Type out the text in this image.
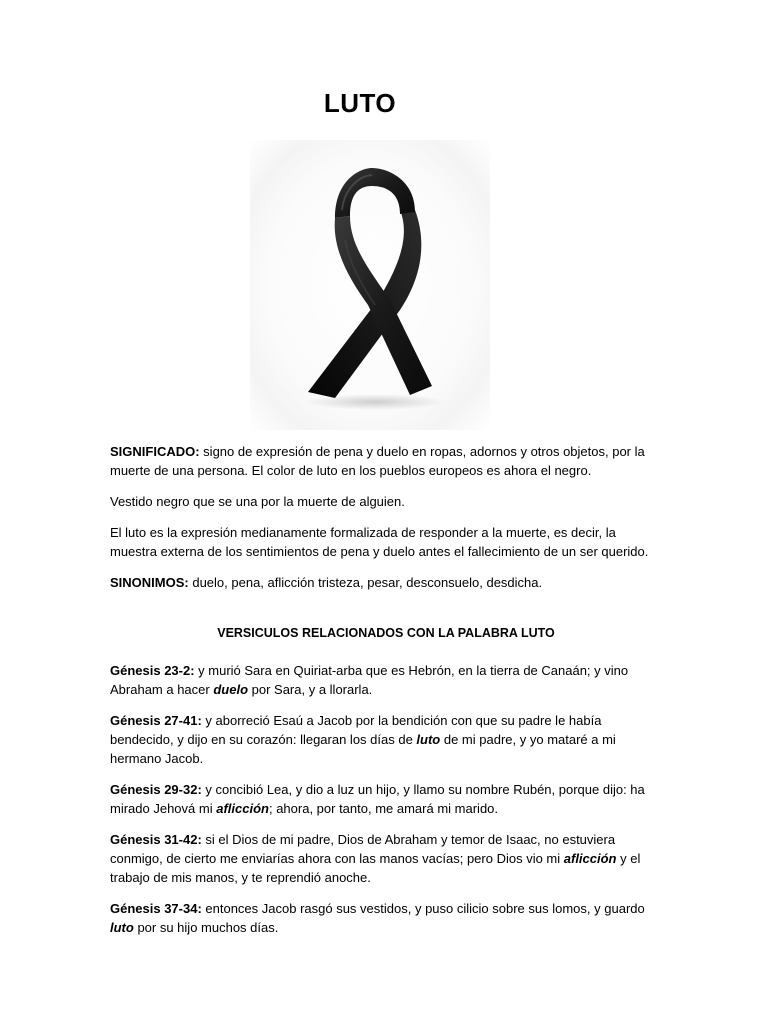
LUTO

SIGNIFICADO: signo de expresión de pena y duelo en ropas, adornos y otros objetos, por la muerte de una persona. El color de luto en los pueblos europeos es ahora el negro.

Vestido negro que se una por la muerte de alguien.

El luto es la expresión medianamente formalizada de responder a la muerte, es decir, la muestra externa de los sentimientos de pena y duelo antes el fallecimiento de un ser querido.

SINONIMOS: duelo, pena, aflicción tristeza, pesar, desconsuelo, desdicha.

VERSICULOS RELACIONADOS CON LA PALABRA LUTO

Génesis 23-2: y murió Sara en Quiriat-arba que es Hebrón, en la tierra de Canaán; y vino Abraham a hacer duelo por Sara, y a llorarla.

Génesis 27-41: y aborreció Esaú a Jacob por la bendición con que su padre le había bendecido, y dijo en su corazón: llegaran los días de luto de mi padre, y yo mataré a mi hermano Jacob.

Génesis 29-32: y concibió Lea, y dio a luz un hijo, y llamo su nombre Rubén, porque dijo: ha mirado Jehová mi aflicción; ahora, por tanto, me amará mi marido.

Génesis 31-42: si el Dios de mi padre, Dios de Abraham y temor de Isaac, no estuviera conmigo, de cierto me enviarías ahora con las manos vacías; pero Dios vio mi aflicción y el trabajo de mis manos, y te reprendió anoche.

Génesis 37-34: entonces Jacob rasgó sus vestidos, y puso cilicio sobre sus lomos, y guardo luto por su hijo muchos días.
